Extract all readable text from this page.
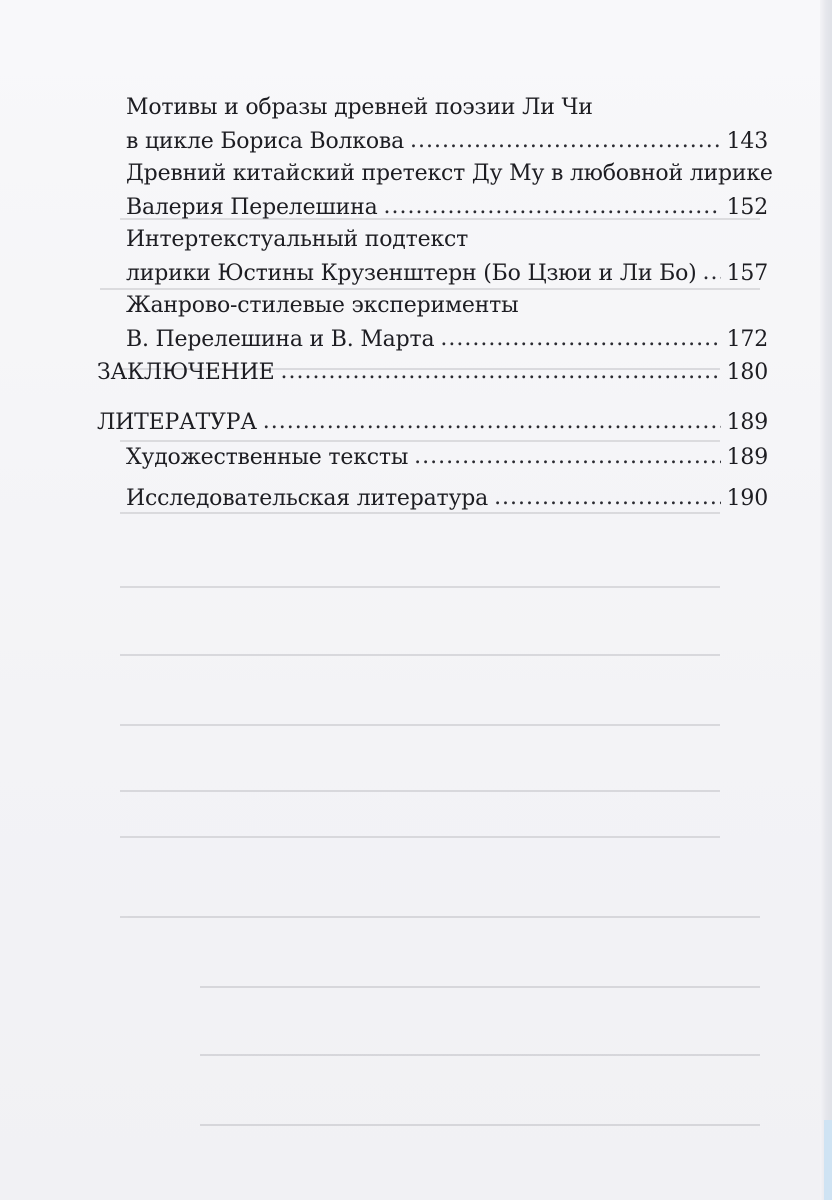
Мотивы и образы древней поэзии Ли Чи
в цикле Бориса Волкова .....	143
Древний китайский претекст Ду Му в любовной лирике
Валерия Перелешина .....	152
Интертекстуальный подтекст
лирики Юстины Крузенштерн (Бо Цзюи и Ли Бо) ..... 157
Жанрово-стилевые эксперименты
В. Перелешина и В. Марта .....	172
ЗАКЛЮЧЕНИЕ .....	180
ЛИТЕРАТУРА .....	189
Художественные тексты .....	189
Исследовательская литература .....	190
